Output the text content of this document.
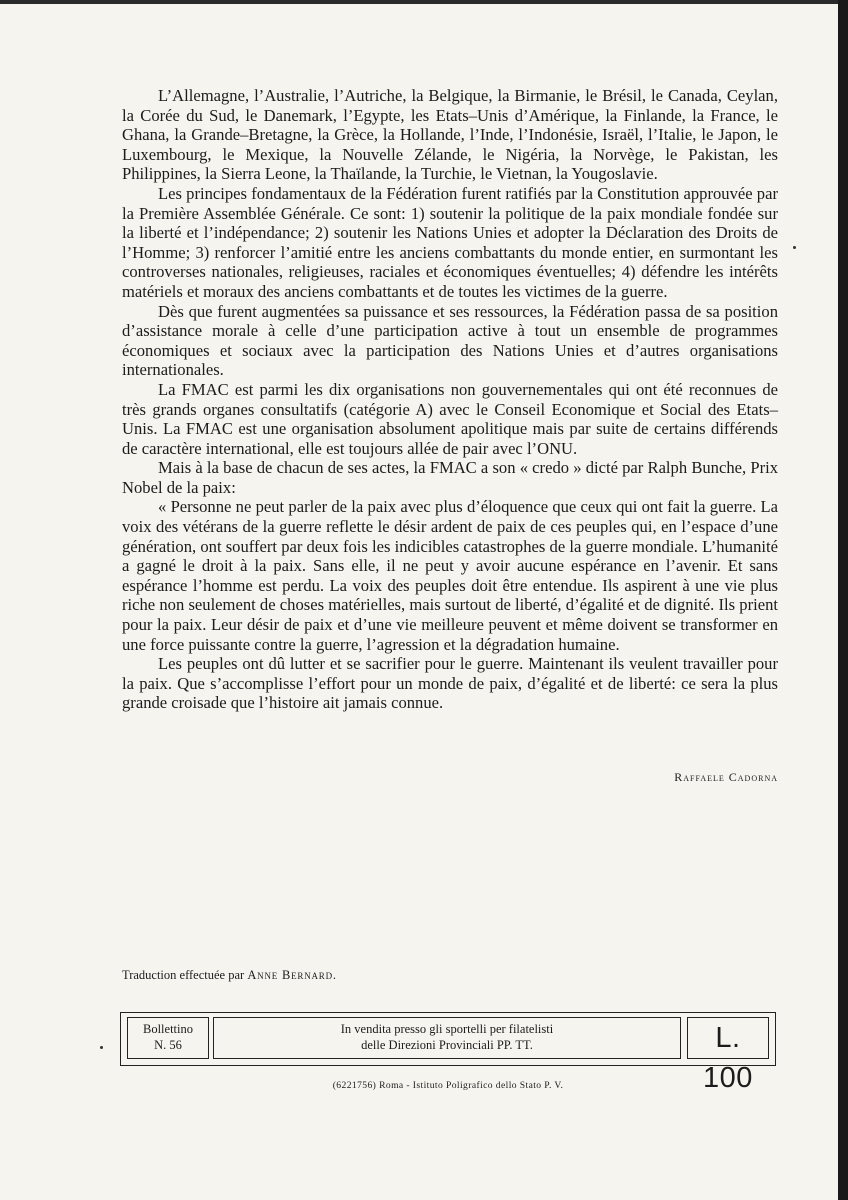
L’Allemagne, l’Australie, l’Autriche, la Belgique, la Birmanie, le Brésil, le Canada, Ceylan, la Corée du Sud, le Danemark, l’Egypte, les Etats–Unis d’Amérique, la Finlande, la France, le Ghana, la Grande–Bretagne, la Grèce, la Hollande, l’Inde, l’Indonésie, Israël, l’Italie, le Japon, le Luxembourg, le Mexique, la Nouvelle Zélande, le Nigéria, la Norvège, le Pakistan, les Philippines, la Sierra Leone, la Thaïlande, la Turchie, le Vietnan, la Yougoslavie.

Les principes fondamentaux de la Fédération furent ratifiés par la Constitution approuvée par la Première Assemblée Générale. Ce sont: 1) soutenir la politique de la paix mondiale fondée sur la liberté et l’indépendance; 2) soutenir les Nations Unies et adopter la Déclaration des Droits de l’Homme; 3) renforcer l’amitié entre les anciens combattants du monde entier, en surmontant les controverses nationales, religieuses, raciales et économiques éventuelles; 4) défendre les intérêts matériels et moraux des anciens combattants et de toutes les victimes de la guerre.

Dès que furent augmentées sa puissance et ses ressources, la Fédération passa de sa position d’assistance morale à celle d’une participation active à tout un ensemble de programmes économiques et sociaux avec la participation des Nations Unies et d’autres organisations internationales.

La FMAC est parmi les dix organisations non gouvernementales qui ont été reconnues de très grands organes consultatifs (catégorie A) avec le Conseil Economique et Social des Etats–Unis. La FMAC est une organisation absolument apolitique mais par suite de certains différends de caractère international, elle est toujours allée de pair avec l’ONU.

Mais à la base de chacun de ses actes, la FMAC a son « credo » dicté par Ralph Bunche, Prix Nobel de la paix:

« Personne ne peut parler de la paix avec plus d’éloquence que ceux qui ont fait la guerre. La voix des vétérans de la guerre reflette le désir ardent de paix de ces peuples qui, en l’espace d’une génération, ont souffert par deux fois les indicibles catastrophes de la guerre mondiale. L’humanité a gagné le droit à la paix. Sans elle, il ne peut y avoir aucune espérance en l’avenir. Et sans espérance l’homme est perdu. La voix des peuples doit être entendue. Ils aspirent à une vie plus riche non seulement de choses matérielles, mais surtout de liberté, d’égalité et de dignité. Ils prient pour la paix. Leur désir de paix et d’une vie meilleure peuvent et même doivent se transformer en une force puissante contre la guerre, l’agression et la dégradation humaine.

Les peuples ont dû lutter et se sacrifier pour le guerre. Maintenant ils veulent travailler pour la paix. Que s’accomplisse l’effort pour un monde de paix, d’égalité et de liberté: ce sera la plus grande croisade que l’histoire ait jamais connue.

Raffaele Cadorna
Traduction effectuée par Anne Bernard.
Bollettino
N. 56
In vendita presso gli sportelli per filatelisti
delle Direzioni Provinciali PP. TT.	L. 100
(6221756) Roma - Istituto Poligrafico dello Stato P. V.
